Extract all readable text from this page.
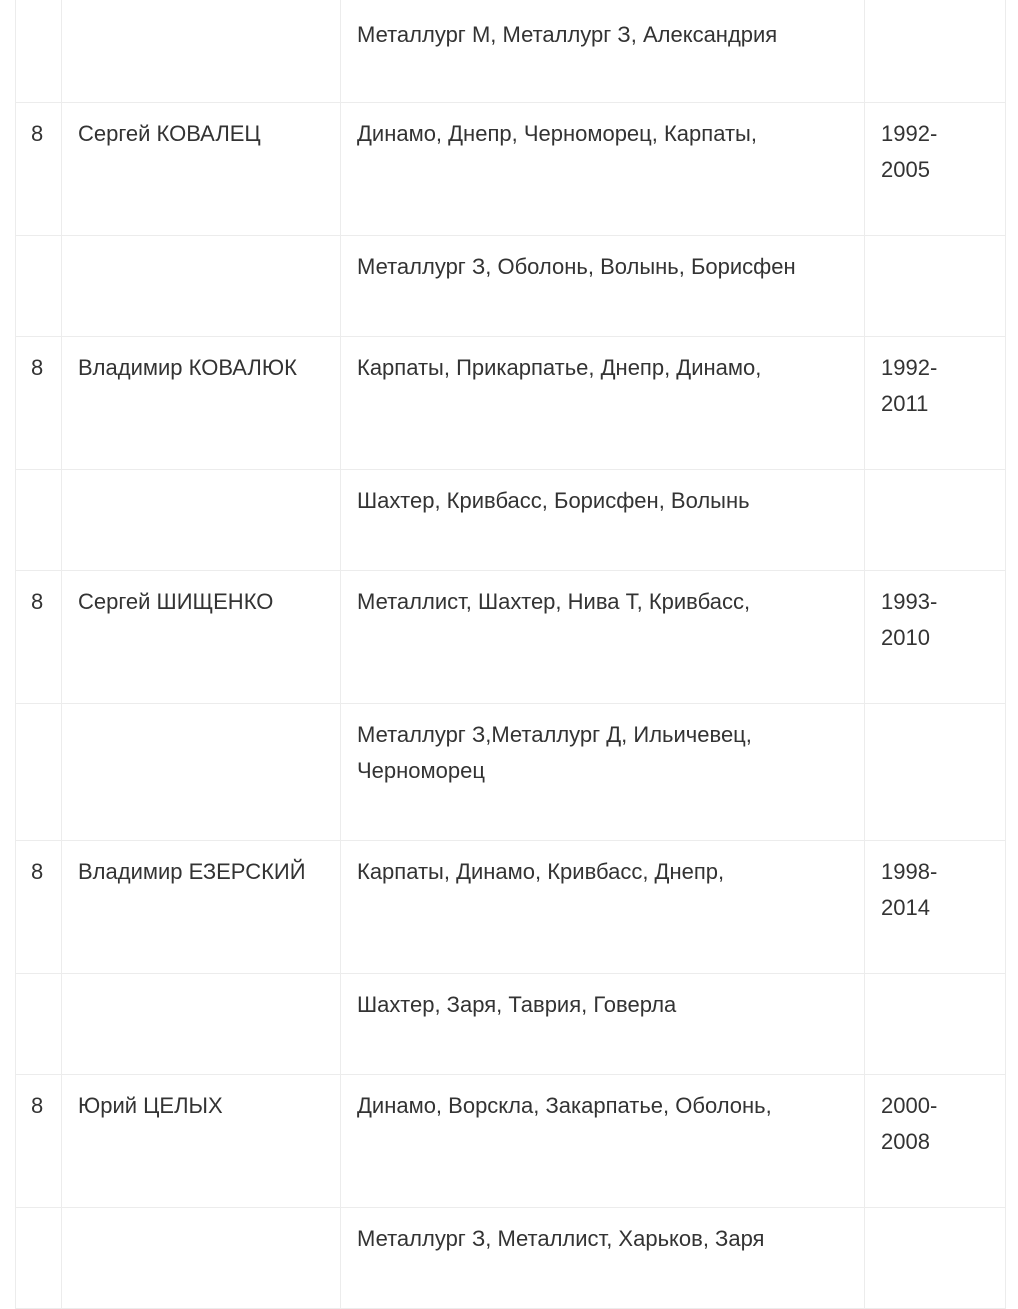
		Металлург М, Металлург З, Александрия	
8	Сергей КОВАЛЕЦ	Динамо, Днепр, Черноморец, Карпаты,	1992-
2005
		Металлург З, Оболонь, Волынь, Борисфен	
8	Владимир КОВАЛЮК	Карпаты, Прикарпатье, Днепр, Динамо,	1992-
2011
		Шахтер, Кривбасс, Борисфен, Волынь	
8	Сергей ШИЩЕНКО	Металлист, Шахтер, Нива Т, Кривбасс,	1993-
2010
		Металлург З,Металлург Д, Ильичевец, Черноморец	
8	Владимир ЕЗЕРСКИЙ	Карпаты, Динамо, Кривбасс, Днепр,	1998-
2014
		Шахтер, Заря, Таврия, Говерла	
8	Юрий ЦЕЛЫХ	Динамо, Ворскла, Закарпатье, Оболонь,	2000-
2008
		Металлург З, Металлист, Харьков, Заря	
